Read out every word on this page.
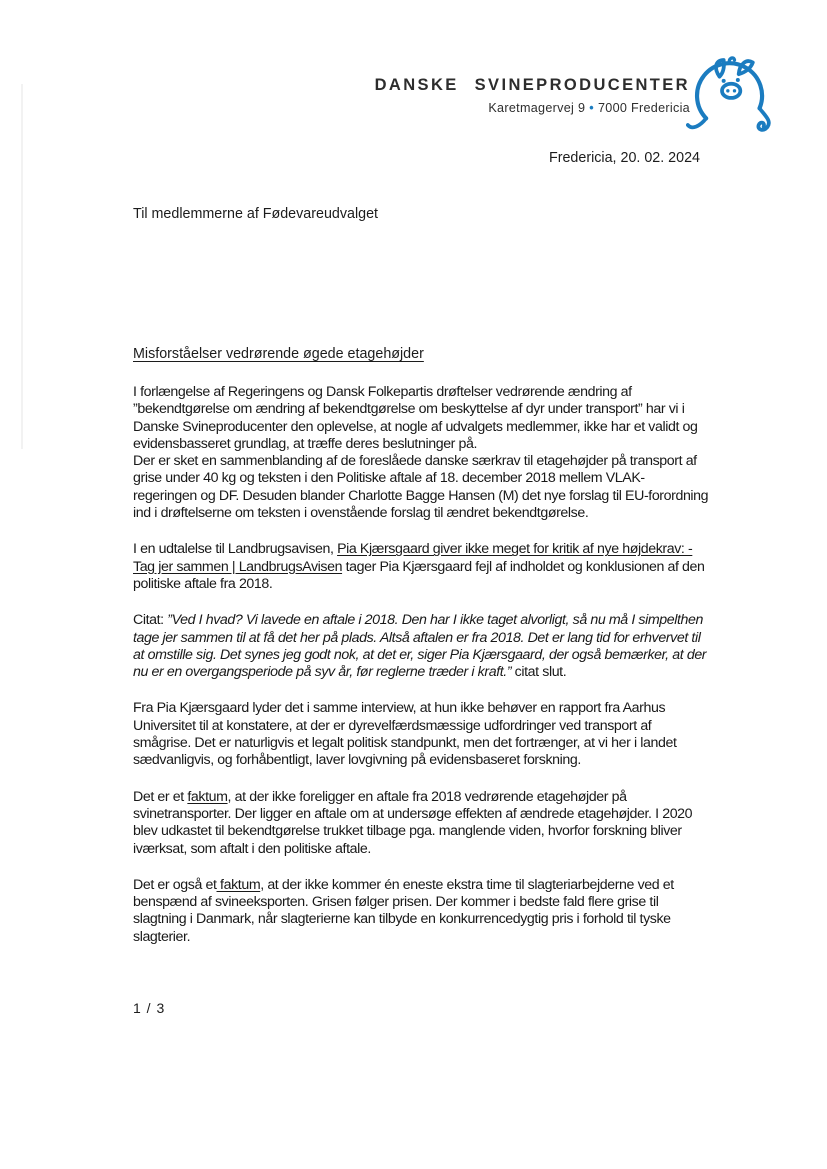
DANSKE SVINEPRODUCENTER
Karetmagervej 9 • 7000 Fredericia
Fredericia, 20. 02. 2024
Til medlemmerne af Fødevareudvalget
Misforståelser vedrørende øgede etagehøjder

I forlængelse af Regeringens og Dansk Folkepartis drøftelser vedrørende ændring af ”bekendtgørelse om ændring af bekendtgørelse om beskyttelse af dyr under transport” har vi i Danske Svineproducenter den oplevelse, at nogle af udvalgets medlemmer, ikke har et validt og evidensbasseret grundlag, at træffe deres beslutninger på.

Der er sket en sammenblanding af de foreslåede danske særkrav til etagehøjder på transport af grise under 40 kg og teksten i den Politiske aftale af 18. december 2018 mellem VLAK- regeringen og DF. Desuden blander Charlotte Bagge Hansen (M) det nye forslag til EU-forordning ind i drøftelserne om teksten i ovenstående forslag til ændret bekendtgørelse.

I en udtalelse til Landbrugsavisen, Pia Kjærsgaard giver ikke meget for kritik af nye højdekrav: - Tag jer sammen | LandbrugsAvisen tager Pia Kjærsgaard fejl af indholdet og konklusionen af den politiske aftale fra 2018.

Citat: ”Ved I hvad? Vi lavede en aftale i 2018. Den har I ikke taget alvorligt, så nu må I simpelthen tage jer sammen til at få det her på plads. Altså aftalen er fra 2018. Det er lang tid for erhvervet til at omstille sig. Det synes jeg godt nok, at det er, siger Pia Kjærsgaard, der også bemærker, at der nu er en overgangsperiode på syv år, før reglerne træder i kraft.” citat slut.

Fra Pia Kjærsgaard lyder det i samme interview, at hun ikke behøver en rapport fra Aarhus Universitet til at konstatere, at der er dyrevelfærdsmæssige udfordringer ved transport af smågrise. Det er naturligvis et legalt politisk standpunkt, men det fortrænger, at vi her i landet sædvanligvis, og forhåbentligt, laver lovgivning på evidensbaseret forskning.

Det er et faktum, at der ikke foreligger en aftale fra 2018 vedrørende etagehøjder på svinetransporter. Der ligger en aftale om at undersøge effekten af ændrede etagehøjder. I 2020 blev udkastet til bekendtgørelse trukket tilbage pga. manglende viden, hvorfor forskning bliver iværksat, som aftalt i den politiske aftale.

Det er også et faktum, at der ikke kommer én eneste ekstra time til slagteriarbejderne ved et benspænd af svineeksporten. Grisen følger prisen. Der kommer i bedste fald flere grise til slagtning i Danmark, når slagterierne kan tilbyde en konkurrencedygtig pris i forhold til tyske slagterier.

1 / 3
